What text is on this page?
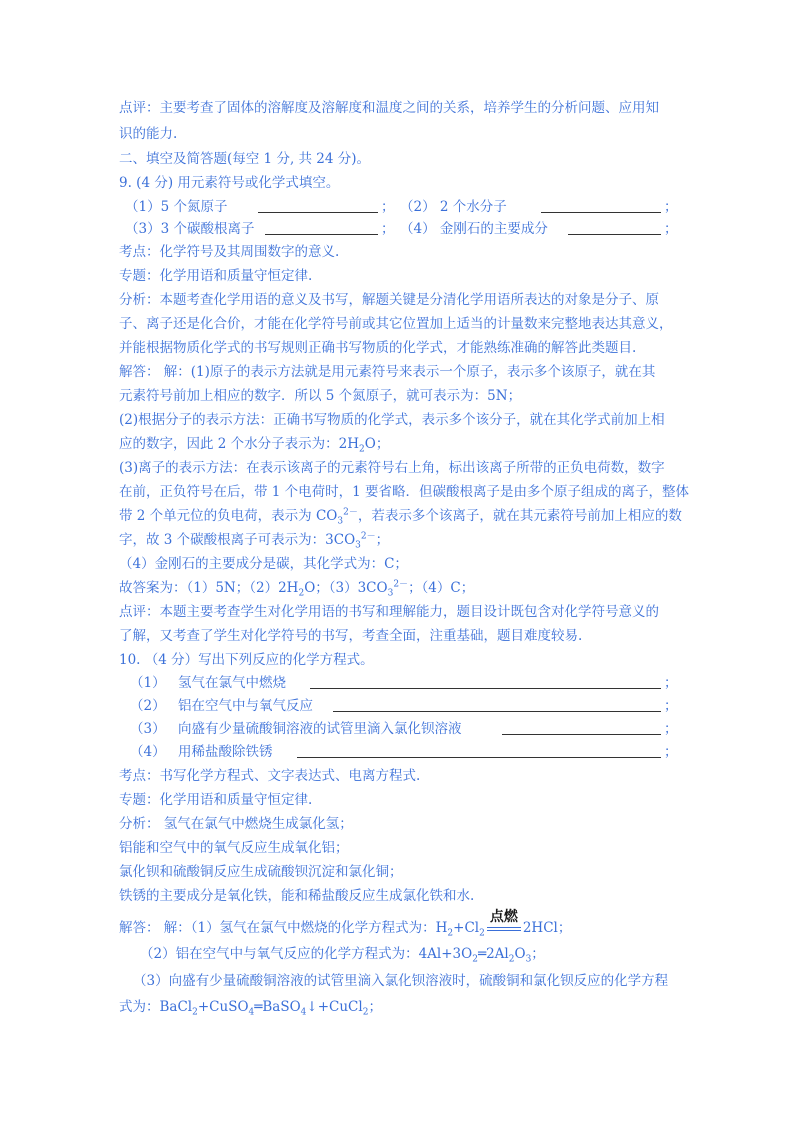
点评：主要考查了固体的溶解度及溶解度和温度之间的关系，培养学生的分析问题、应用知
识的能力.
二、填空及简答题(每空 1 分, 共 24 分)。
9. (4 分) 用元素符号或化学式填空。
（1）5 个氮原子	； （2） 2 个水分子	；
（3）3 个碳酸根离子	； （4） 金刚石的主要成分	；
考点：化学符号及其周围数字的意义.
专题：化学用语和质量守恒定律.
分析：本题考查化学用语的意义及书写，解题关键是分清化学用语所表达的对象是分子、原
子、离子还是化合价，才能在化学符号前或其它位置加上适当的计量数来完整地表达其意义，
并能根据物质化学式的书写规则正确书写物质的化学式，才能熟练准确的解答此类题目.
解答： 解：(1)原子的表示方法就是用元素符号来表示一个原子，表示多个该原子，就在其
元素符号前加上相应的数字．所以 5 个氮原子，就可表示为：5N；
(2)根据分子的表示方法：正确书写物质的化学式，表示多个该分子，就在其化学式前加上相
应的数字，因此 2 个水分子表示为：$2H_2O$；
(3)离子的表示方法：在表示该离子的元素符号右上角，标出该离子所带的正负电荷数，数字
在前，正负符号在后，带 1 个电荷时，1 要省略．但碳酸根离子是由多个原子组成的离子，整体
带 2 个单元位的负电荷，表示为 $CO_3^{2-}$，若表示多个该离子，就在其元素符号前加上相应的数
字，故 3 个碳酸根离子可表示为：$3CO_3^{2-}$；
（4）金刚石的主要成分是碳，其化学式为：C；
故答案为：（1）5N；$(2)2H_2O$；$(3)3CO_3^{2-}$；（4）C；
点评：本题主要考查学生对化学用语的书写和理解能力，题目设计既包含对化学符号意义的
了解，又考查了学生对化学符号的书写，考查全面，注重基础，题目难度较易.
10. （4 分）写出下列反应的化学方程式。
（1） 氢气在氯气中燃烧	；
（2） 铝在空气中与氧气反应	；
（3） 向盛有少量硫酸铜溶液的试管里滴入氯化钡溶液	；
（4） 用稀盐酸除铁锈	；
考点：书写化学方程式、文字表达式、电离方程式.
专题：化学用语和质量守恒定律.
分析： 氢气在氯气中燃烧生成氯化氢；
铝能和空气中的氧气反应生成氧化铝；
氯化钡和硫酸铜反应生成硫酸钡沉淀和氯化铜；
铁锈的主要成分是氧化铁，能和稀盐酸反应生成氯化铁和水.
解答： 解：（1）氢气在氯气中燃烧的化学方程式为：$H_2+Cl_2$
点燃
2HCl；
（2）铝在空气中与氧气反应的化学方程式为：$4Al+3O_2═2Al_2O_3$；
（3）向盛有少量硫酸铜溶液的试管里滴入氯化钡溶液时，硫酸铜和氯化钡反应的化学方程
式为：BaCl$_2$+CuSO$_4$═BaSO$_4$↓+CuCl$_2$；
